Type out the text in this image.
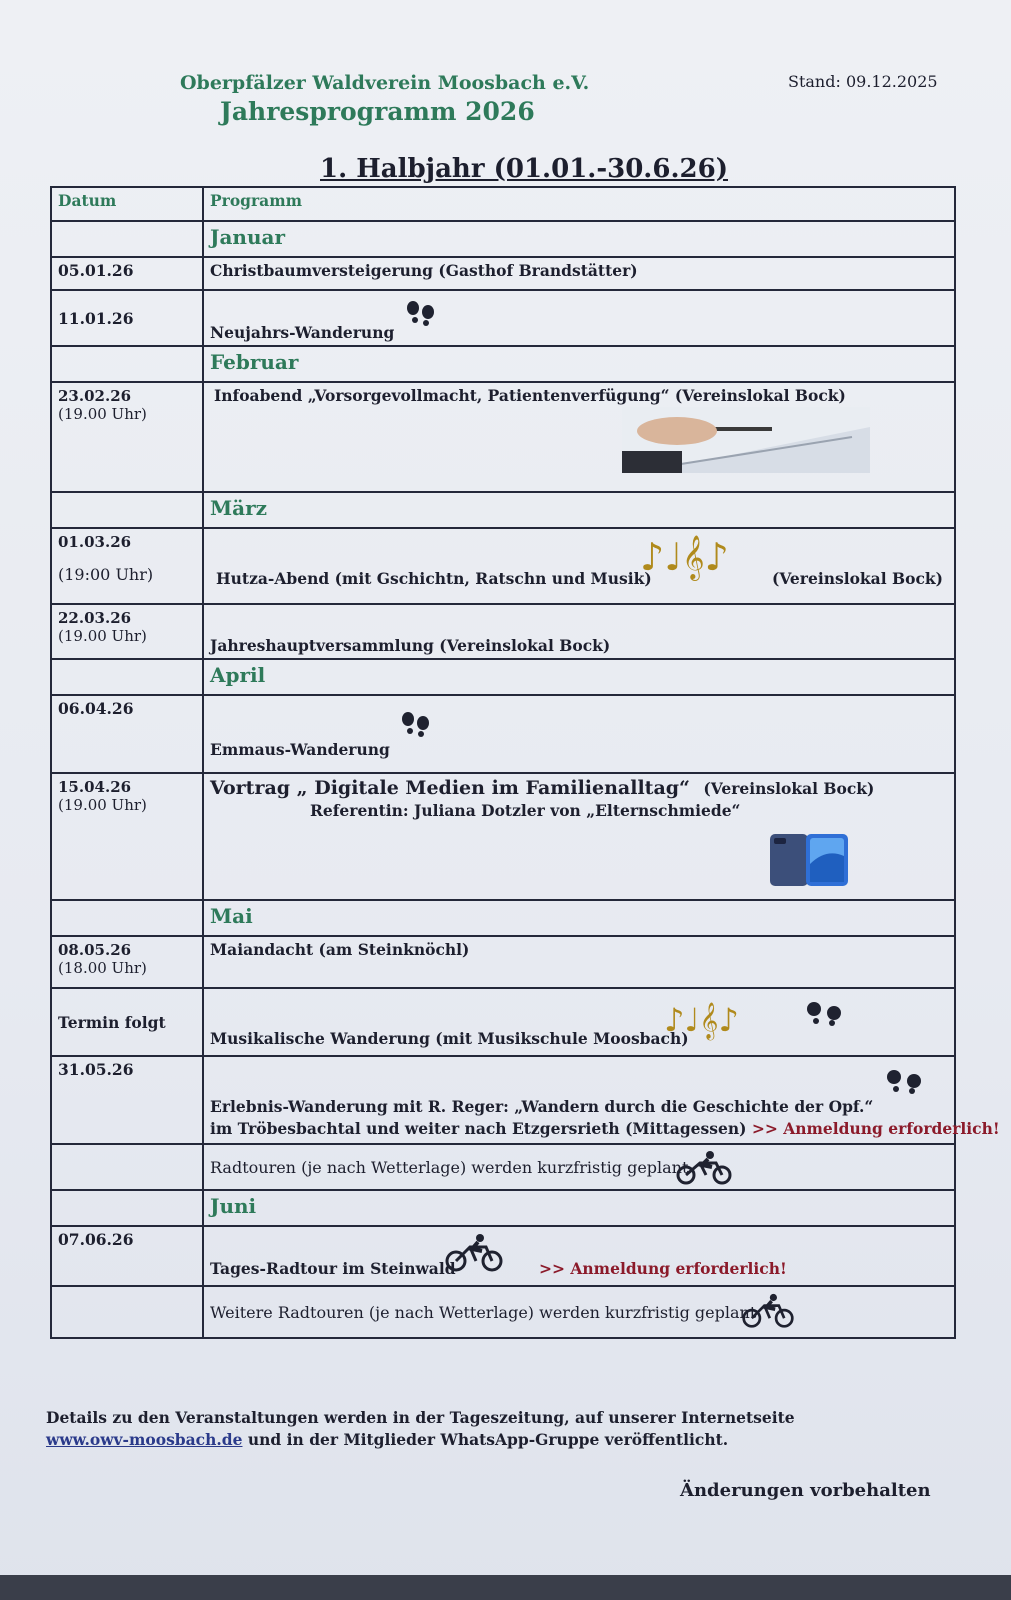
Oberpfälzer Waldverein Moosbach e.V.
Jahresprogramm 2026
Stand: 09.12.2025
1. Halbjahr (01.01.-30.6.26)
Datum	Programm
	Januar
05.01.26	Christbaumversteigerung (Gasthof Brandstätter)
11.01.26	Neujahrs-Wanderung

	Februar
23.02.26
(19.00 Uhr)	Infoabend „Vorsorgevollmacht, Patientenverfügung“ (Vereinslokal Bock)

	März
01.03.26
(19:00 Uhr)	Hutza-Abend (mit Gschichtn, Ratschn und Musik)
♪♩𝄞♪ (Vereinslokal Bock)

22.03.26
(19.00 Uhr)	Jahreshauptversammlung (Vereinslokal Bock)
	April
06.04.26	Emmaus-Wanderung

15.04.26
(19.00 Uhr)	Vortrag „ Digitale Medien im Familienalltag“ (Vereinslokal Bock)
Referentin: Juliana Dotzler von „Elternschmiede“

	Mai
08.05.26
(18.00 Uhr)	Maiandacht (am Steinknöchl)
Termin folgt	Musikalische Wanderung (mit Musikschule Moosbach)
♪♩𝄞♪

31.05.26	Erlebnis-Wanderung mit R. Reger: „Wandern durch die Geschichte der Opf.“
im Tröbesbachtal und weiter nach Etzgersrieth (Mittagessen) >> Anmeldung erforderlich!

	Radtouren (je nach Wetterlage) werden kurzfristig geplant

	Juni
07.06.26	Tages-Radtour im Steinwald >> Anmeldung erforderlich!

	Weitere Radtouren (je nach Wetterlage) werden kurzfristig geplant
Details zu den Veranstaltungen werden in der Tageszeitung, auf unserer Internetseite
www.owv-moosbach.de und in der Mitglieder WhatsApp-Gruppe veröffentlicht.
Änderungen vorbehalten
